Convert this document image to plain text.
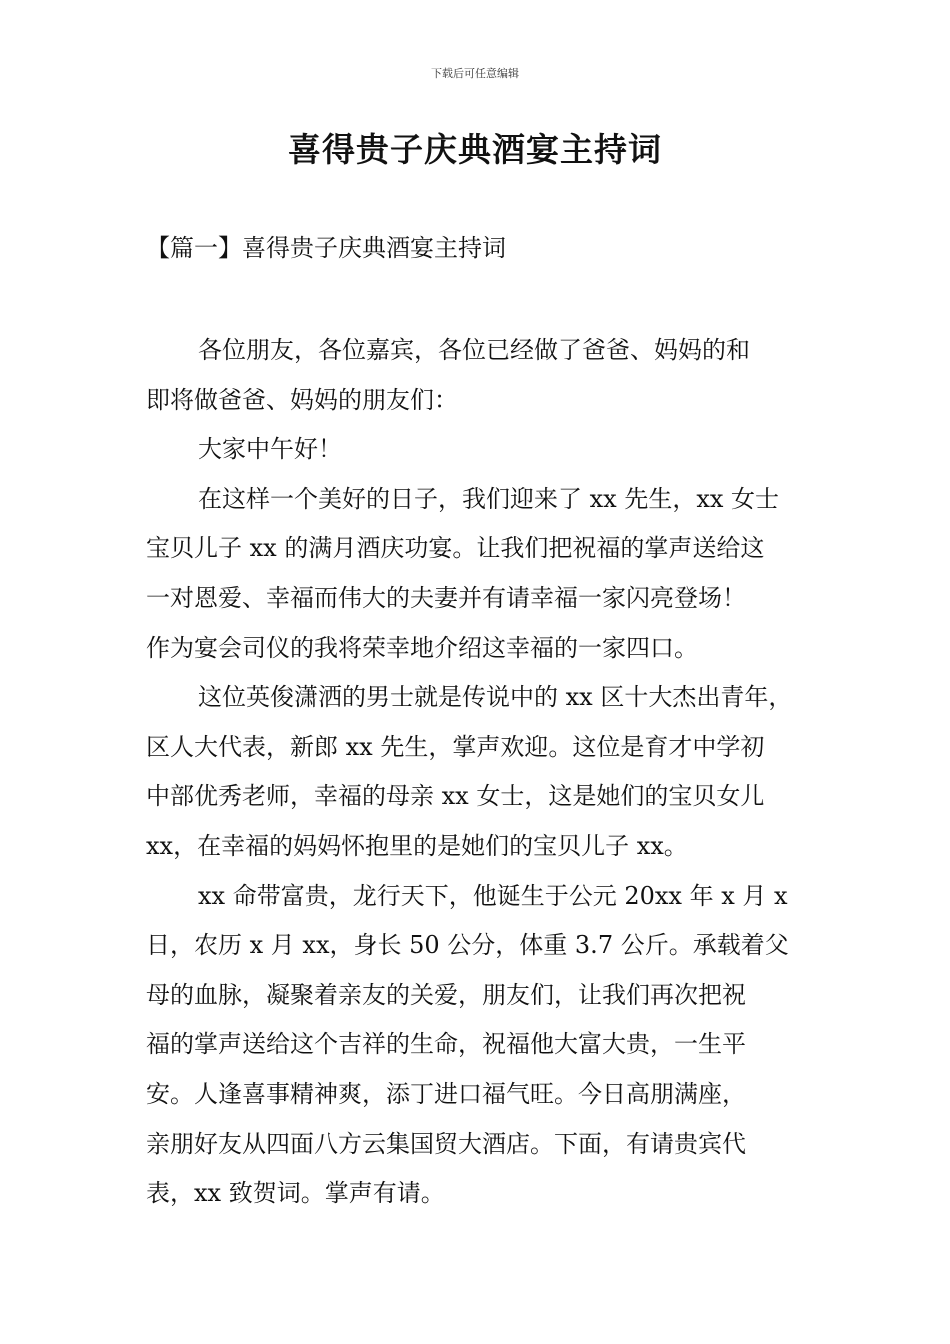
下载后可任意编辑
喜得贵子庆典酒宴主持词
【篇一】喜得贵子庆典酒宴主持词
各位朋友，各位嘉宾，各位已经做了爸爸、妈妈的和
即将做爸爸、妈妈的朋友们：
大家中午好！
在这样一个美好的日子，我们迎来了 xx 先生，xx 女士
宝贝儿子 xx 的满月酒庆功宴。让我们把祝福的掌声送给这
一对恩爱、幸福而伟大的夫妻并有请幸福一家闪亮登场！
作为宴会司仪的我将荣幸地介绍这幸福的一家四口。
这位英俊潇洒的男士就是传说中的 xx 区十大杰出青年，
区人大代表，新郎 xx 先生，掌声欢迎。这位是育才中学初
中部优秀老师，幸福的母亲 xx 女士，这是她们的宝贝女儿
xx，在幸福的妈妈怀抱里的是她们的宝贝儿子 xx。
xx 命带富贵，龙行天下，他诞生于公元 20xx 年 x 月 x
日，农历 x 月 xx，身长 50 公分，体重 3.7 公斤。承载着父
母的血脉，凝聚着亲友的关爱，朋友们，让我们再次把祝
福的掌声送给这个吉祥的生命，祝福他大富大贵，一生平
安。人逢喜事精神爽，添丁进口福气旺。今日高朋满座，
亲朋好友从四面八方云集国贸大酒店。下面，有请贵宾代
表，xx 致贺词。掌声有请。
